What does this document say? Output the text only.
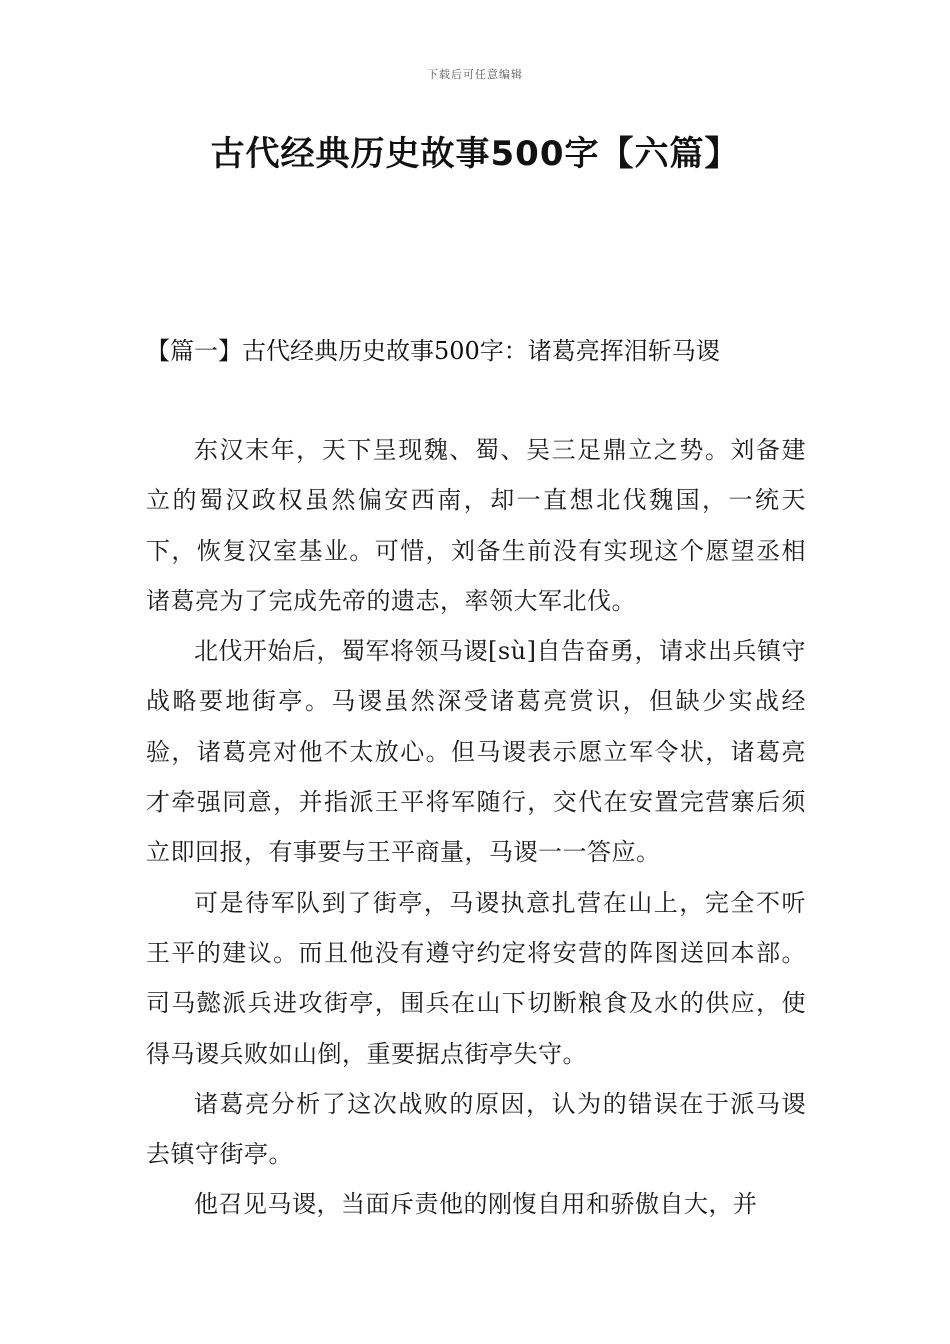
下载后可任意编辑
古代经典历史故事500字【六篇】
【篇一】古代经典历史故事500字：诸葛亮挥泪斩马谡

东汉末年，天下呈现魏、蜀、吴三足鼎立之势。刘备建立的蜀汉政权虽然偏安西南，却一直想北伐魏国，一统天下，恢复汉室基业。可惜，刘备生前没有实现这个愿望丞相诸葛亮为了完成先帝的遗志，率领大军北伐。

北伐开始后，蜀军将领马谡[sù]自告奋勇，请求出兵镇守战略要地街亭。马谡虽然深受诸葛亮赏识，但缺少实战经验，诸葛亮对他不太放心。但马谡表示愿立军令状，诸葛亮才牵强同意，并指派王平将军随行，交代在安置完营寨后须立即回报，有事要与王平商量，马谡一一答应。

可是待军队到了街亭，马谡执意扎营在山上，完全不听王平的建议。而且他没有遵守约定将安营的阵图送回本部。司马懿派兵进攻街亭，围兵在山下切断粮食及水的供应，使得马谡兵败如山倒，重要据点街亭失守。

诸葛亮分析了这次战败的原因，认为的错误在于派马谡去镇守街亭。

他召见马谡，当面斥责他的刚愎自用和骄傲自大，并
